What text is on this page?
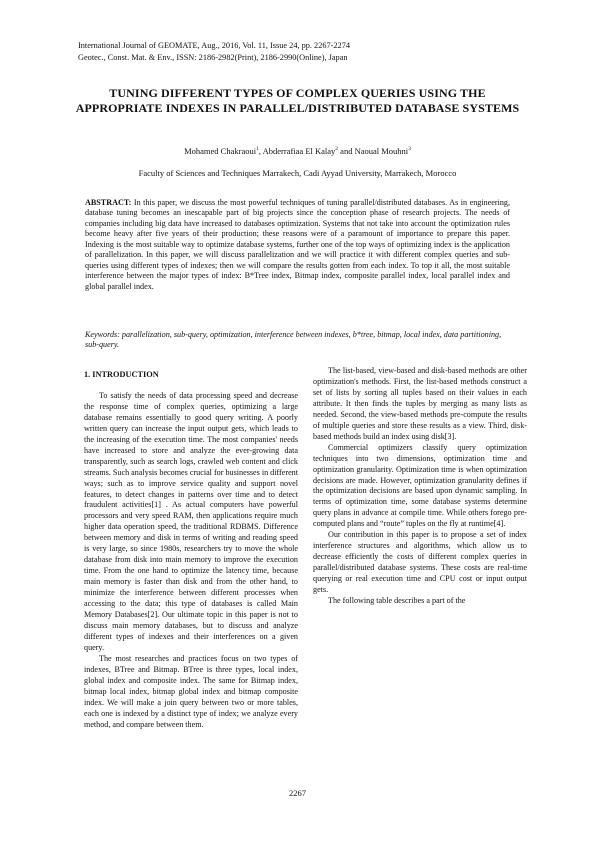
International Journal of GEOMATE, Aug., 2016, Vol. 11, Issue 24, pp. 2267-2274
Geotec., Const. Mat. & Env., ISSN: 2186-2982(Print), 2186-2990(Online), Japan
TUNING DIFFERENT TYPES OF COMPLEX QUERIES USING THE APPROPRIATE INDEXES IN PARALLEL/DISTRIBUTED DATABASE SYSTEMS
Mohamed Chakraoui$^1$, Abderrafiaa El Kalay$^2$ and Naoual Mouhni$^3$
Faculty of Sciences and Techniques Marrakech, Cadi Ayyad University, Marrakech, Morocco
ABSTRACT: In this paper, we discuss the most powerful techniques of tuning parallel/distributed databases. As in engineering, database tuning becomes an inescapable part of big projects since the conception phase of research projects. The needs of companies including big data have increased to databases optimization. Systems that not take into account the optimization rules become heavy after five years of their production; these reasons were of a paramount of importance to prepare this paper. Indexing is the most suitable way to optimize database systems, further one of the top ways of optimizing index is the application of parallelization. In this paper, we will discuss parallelization and we will practice it with different complex queries and sub-queries using different types of indexes; then we will compare the results gotten from each index. To top it all, the most suitable interference between the major types of index: B*Tree index, Bitmap index, composite parallel index, local parallel index and global parallel index.
Keywords: parallelization, sub-query, optimization, interference between indexes, b*tree, bitmap, local index, data partitioning, sub-query.
1. INTRODUCTION

To satisfy the needs of data processing speed and decrease the response time of complex queries, optimizing a large database remains essentially to good query writing. A poorly written query can increase the input output gets, which leads to the increasing of the execution time. The most companies' needs have increased to store and analyze the ever-growing data transparently, such as search logs, crawled web content and click streams. Such analysis becomes crucial for businesses in different ways; such as to improve service quality and support novel features, to detect changes in patterns over time and to detect fraudulent activities[1] . As actual computers have powerful processors and very speed RAM, then applications require much higher data operation speed, the traditional RDBMS. Difference between memory and disk in terms of writing and reading speed is very large, so since 1980s, researchers try to move the whole database from disk into main memory to improve the execution time. From the one hand to optimize the latency time, because main memory is faster than disk and from the other hand, to minimize the interference between different processes when accessing to the data; this type of databases is called Main Memory Databases[2]. Our ultimate topic in this paper is not to discuss main memory databases, but to discuss and analyze different types of indexes and their interferences on a given query.

The most researches and practices focus on two types of indexes, BTree and Bitmap. BTree is three types, local index, global index and composite index. The same for Bitmap index, bitmap local index, bitmap global index and bitmap composite index. We will make a join query between two or more tables, each one is indexed by a distinct type of index; we analyze every method, and compare between them.

The list-based, view-based and disk-based methods are other optimization's methods. First, the list-based methods construct a set of lists by sorting all tuples based on their values in each attribute. It then finds the tuples by merging as many lists as needed. Second, the view-based methods pre-compute the results of multiple queries and store these results as a view. Third, disk-based methods build an index using disk[3].

Commercial optimizers classify query optimization techniques into two dimensions, optimization time and optimization granularity. Optimization time is when optimization decisions are made. However, optimization granularity defines if the optimization decisions are based upon dynamic sampling. In terms of optimization time, some database systems determine query plans in advance at compile time. While others forego pre-computed plans and “route” tuples on the fly at runtime[4].

Our contribution in this paper is to propose a set of index interference structures and algorithms, which allow us to decrease efficiently the costs of different complex queries in parallel/distributed database systems. These costs are real-time querying or real execution time and CPU cost or input output gets.

The following table describes a part of the

2267
